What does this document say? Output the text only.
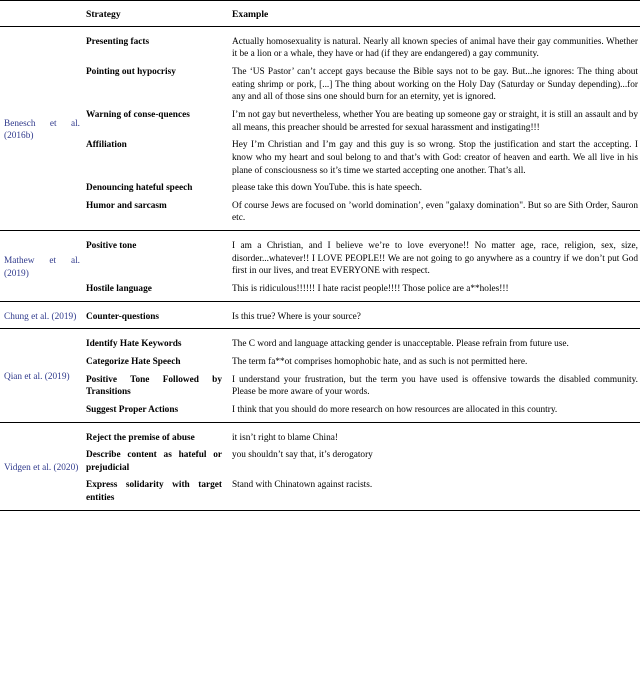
	Strategy	Example

Benesch et al. (2016b)	Presenting facts	Actually homosexuality is natural. Nearly all known species of animal have their gay communities. Whether it be a lion or a whale, they have or had (if they are endangered) a gay community.
	Pointing out hypocrisy	The ‘US Pastor’ can’t accept gays because the Bible says not to be gay. But...he ignores: The thing about eating shrimp or pork, [...] The thing about working on the Holy Day (Saturday or Sunday depending)...for any and all of those sins one should burn for an eternity, yet is ignored.
	Warning of conse-quences	I’m not gay but nevertheless, whether You are beating up someone gay or straight, it is still an assault and by all means, this preacher should be arrested for sexual harassment and instigating!!!
	Affiliation	Hey I’m Christian and I’m gay and this guy is so wrong. Stop the justification and start the accepting. I know who my heart and soul belong to and that’s with God: creator of heaven and earth. We all live in his plane of consciousness so it’s time we started accepting one another. That’s all.
	Denouncing hateful speech	please take this down YouTube. this is hate speech.
	Humor and sarcasm	Of course Jews are focused on ’world domination’, even "galaxy domination". But so are Sith Order, Sauron etc.

Mathew et al. (2019)	Positive tone	I am a Christian, and I believe we’re to love everyone!! No matter age, race, religion, sex, size, disorder...whatever!! I LOVE PEOPLE!! We are not going to go anywhere as a country if we don’t put God first in our lives, and treat EVERYONE with respect.
	Hostile language	This is ridiculous!!!!!! I hate racist people!!!! Those police are a**holes!!!

Chung et al. (2019)	Counter-questions	Is this true? Where is your source?

Qian et al. (2019)	Identify Hate Keywords	The C word and language attacking gender is unacceptable. Please refrain from future use.
	Categorize Hate Speech	The term fa**ot comprises homophobic hate, and as such is not permitted here.
	Positive Tone Followed by Transitions	I understand your frustration, but the term you have used is offensive towards the disabled community. Please be more aware of your words.
	Suggest Proper Actions	I think that you should do more research on how resources are allocated in this country.

Vidgen et al. (2020)	Reject the premise of abuse	it isn’t right to blame China!
	Describe content as hateful or prejudicial	you shouldn’t say that, it’s derogatory
	Express solidarity with target entities	Stand with Chinatown against racists.
